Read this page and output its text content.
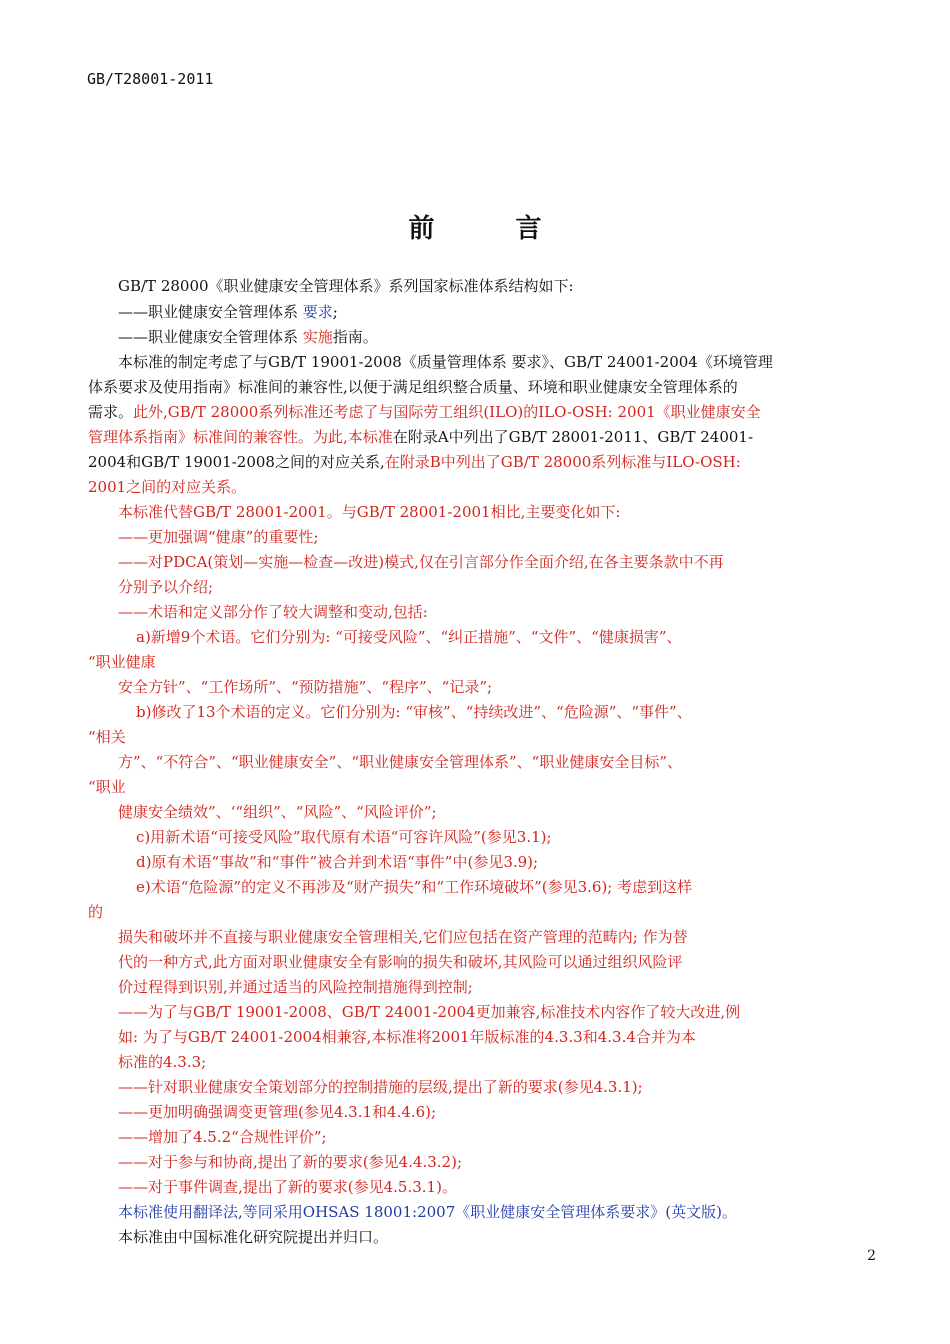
GB/T28001-2011
前 言
GB/T 28000《职业健康安全管理体系》系列国家标准体系结构如下:
——职业健康安全管理体系 要求;
——职业健康安全管理体系 实施指南。
本标准的制定考虑了与GB/T 19001-2008《质量管理体系 要求》、GB/T 24001-2004《环境管理
体系要求及使用指南》标准间的兼容性,以便于满足组织整合质量、环境和职业健康安全管理体系的
需求。此外,GB/T 28000系列标准还考虑了与国际劳工组织(ILO)的ILO-OSH: 2001《职业健康安全
管理体系指南》标准间的兼容性。为此,本标准在附录A中列出了GB/T 28001-2011、GB/T 24001-
2004和GB/T 19001-2008之间的对应关系,在附录B中列出了GB/T 28000系列标准与ILO-OSH:
2001之间的对应关系。
本标准代替GB/T 28001-2001。与GB/T 28001-2001相比,主要变化如下:
——更加强调“健康”的重要性;
——对PDCA(策划—实施—检查—改进)模式,仅在引言部分作全面介绍,在各主要条款中不再
分别予以介绍;
——术语和定义部分作了较大调整和变动,包括:
a)新增9个术语。它们分别为: “可接受风险”、“纠正措施”、“文件”、“健康损害”、
“职业健康
安全方针”、“工作场所”、“预防措施”、“程序”、“记录”;
b)修改了13个术语的定义。它们分别为: “审核”、“持续改进”、“危险源”、“事件”、
“相关
方”、“不符合”、“职业健康安全”、“职业健康安全管理体系”、“职业健康安全目标”、
“职业
健康安全绩效”、‘“组织”、“风险”、“风险评价”;
c)用新术语“可接受风险”取代原有术语“可容许风险”(参见3.1);
d)原有术语“事故”和“事件”被合并到术语“事件”中(参见3.9);
e)术语“危险源”的定义不再涉及“财产损失”和“工作环境破坏”(参见3.6); 考虑到这样
的
损失和破坏并不直接与职业健康安全管理相关,它们应包括在资产管理的范畴内; 作为替
代的一种方式,此方面对职业健康安全有影响的损失和破坏,其风险可以通过组织风险评
价过程得到识别,并通过适当的风险控制措施得到控制;
——为了与GB/T 19001-2008、GB/T 24001-2004更加兼容,标准技术内容作了较大改进,例
如: 为了与GB/T 24001-2004相兼容,本标准将2001年版标准的4.3.3和4.3.4合并为本
标准的4.3.3;
——针对职业健康安全策划部分的控制措施的层级,提出了新的要求(参见4.3.1);
——更加明确强调变更管理(参见4.3.1和4.4.6);
——增加了4.5.2“合规性评价”;
——对于参与和协商,提出了新的要求(参见4.4.3.2);
——对于事件调查,提出了新的要求(参见4.5.3.1)。
本标准使用翻译法,等同采用OHSAS 18001:2007《职业健康安全管理体系要求》(英文版)。
本标准由中国标准化研究院提出并归口。
2
